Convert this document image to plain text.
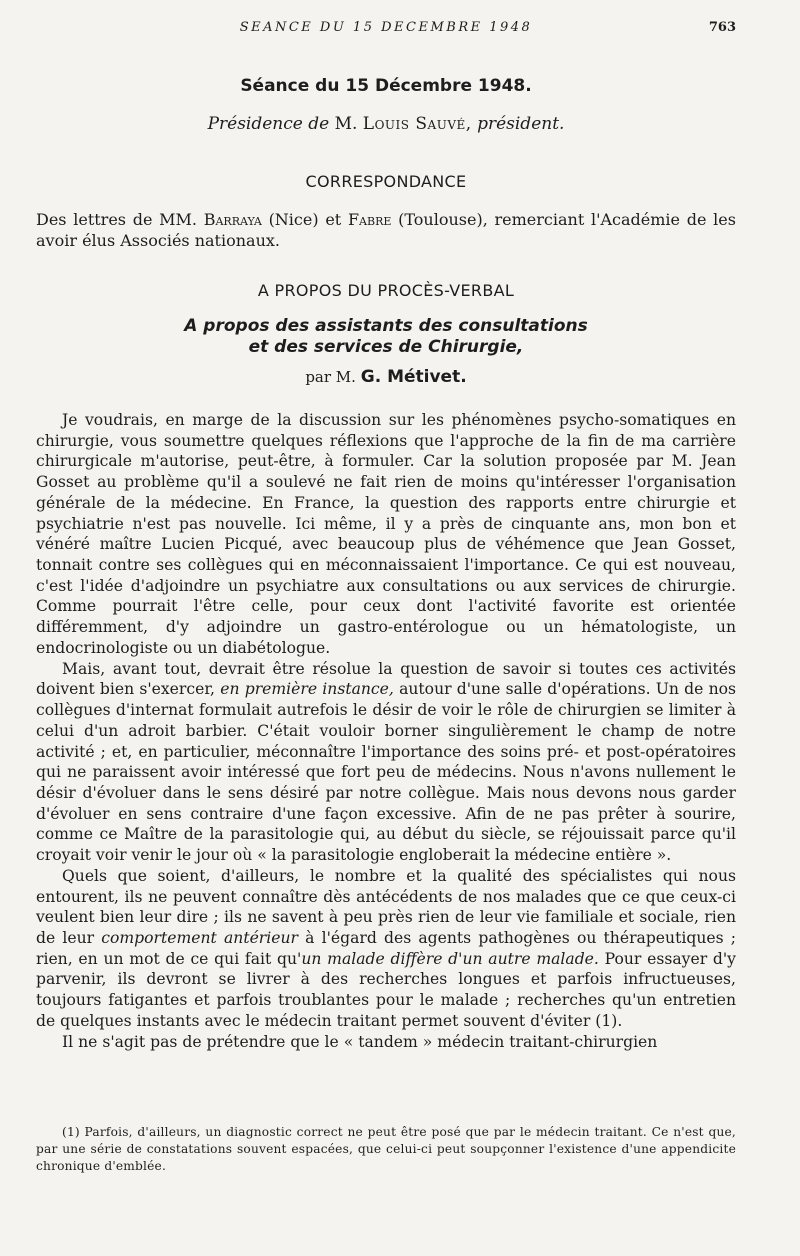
SEANCE DU 15 DECEMBRE 1948	763
Séance du 15 Décembre 1948.
Présidence de M. Louis Sauvé, président.
CORRESPONDANCE
Des lettres de MM. Barraya (Nice) et Fabre (Toulouse), remerciant l'Académie de les avoir élus Associés nationaux.
A PROPOS DU PROCÈS-VERBAL
A propos des assistants des consultations
et des services de Chirurgie,
par M. G. Métivet.

Je voudrais, en marge de la discussion sur les phénomènes psycho-somatiques en chirurgie, vous soumettre quelques réflexions que l'approche de la fin de ma carrière chirurgicale m'autorise, peut-être, à formuler. Car la solution proposée par M. Jean Gosset au problème qu'il a soulevé ne fait rien de moins qu'intéresser l'organisation générale de la médecine. En France, la question des rapports entre chirurgie et psychiatrie n'est pas nouvelle. Ici même, il y a près de cinquante ans, mon bon et vénéré maître Lucien Picqué, avec beaucoup plus de véhémence que Jean Gosset, tonnait contre ses collègues qui en méconnaissaient l'importance. Ce qui est nouveau, c'est l'idée d'adjoindre un psychiatre aux consultations ou aux services de chirurgie. Comme pourrait l'être celle, pour ceux dont l'activité favorite est orientée différemment, d'y adjoindre un gastro-entérologue ou un hématologiste, un endocrinologiste ou un diabétologue.

Mais, avant tout, devrait être résolue la question de savoir si toutes ces activités doivent bien s'exercer, en première instance, autour d'une salle d'opérations. Un de nos collègues d'internat formulait autrefois le désir de voir le rôle de chirurgien se limiter à celui d'un adroit barbier. C'était vouloir borner singulièrement le champ de notre activité ; et, en particulier, méconnaître l'importance des soins pré- et post-opératoires qui ne paraissent avoir intéressé que fort peu de médecins. Nous n'avons nullement le désir d'évoluer dans le sens désiré par notre collègue. Mais nous devons nous garder d'évoluer en sens contraire d'une façon excessive. Afin de ne pas prêter à sourire, comme ce Maître de la parasitologie qui, au début du siècle, se réjouissait parce qu'il croyait voir venir le jour où « la parasitologie engloberait la médecine entière ».

Quels que soient, d'ailleurs, le nombre et la qualité des spécialistes qui nous entourent, ils ne peuvent connaître dès antécédents de nos malades que ce que ceux-ci veulent bien leur dire ; ils ne savent à peu près rien de leur vie familiale et sociale, rien de leur comportement antérieur à l'égard des agents pathogènes ou thérapeutiques ; rien, en un mot de ce qui fait qu'un malade diffère d'un autre malade. Pour essayer d'y parvenir, ils devront se livrer à des recherches longues et parfois infructueuses, toujours fatigantes et parfois troublantes pour le malade ; recherches qu'un entretien de quelques instants avec le médecin traitant permet souvent d'éviter (1).

Il ne s'agit pas de prétendre que le « tandem » médecin traitant-chirurgien

(1) Parfois, d'ailleurs, un diagnostic correct ne peut être posé que par le médecin traitant. Ce n'est que, par une série de constatations souvent espacées, que celui-ci peut soupçonner l'existence d'une appendicite chronique d'emblée.
